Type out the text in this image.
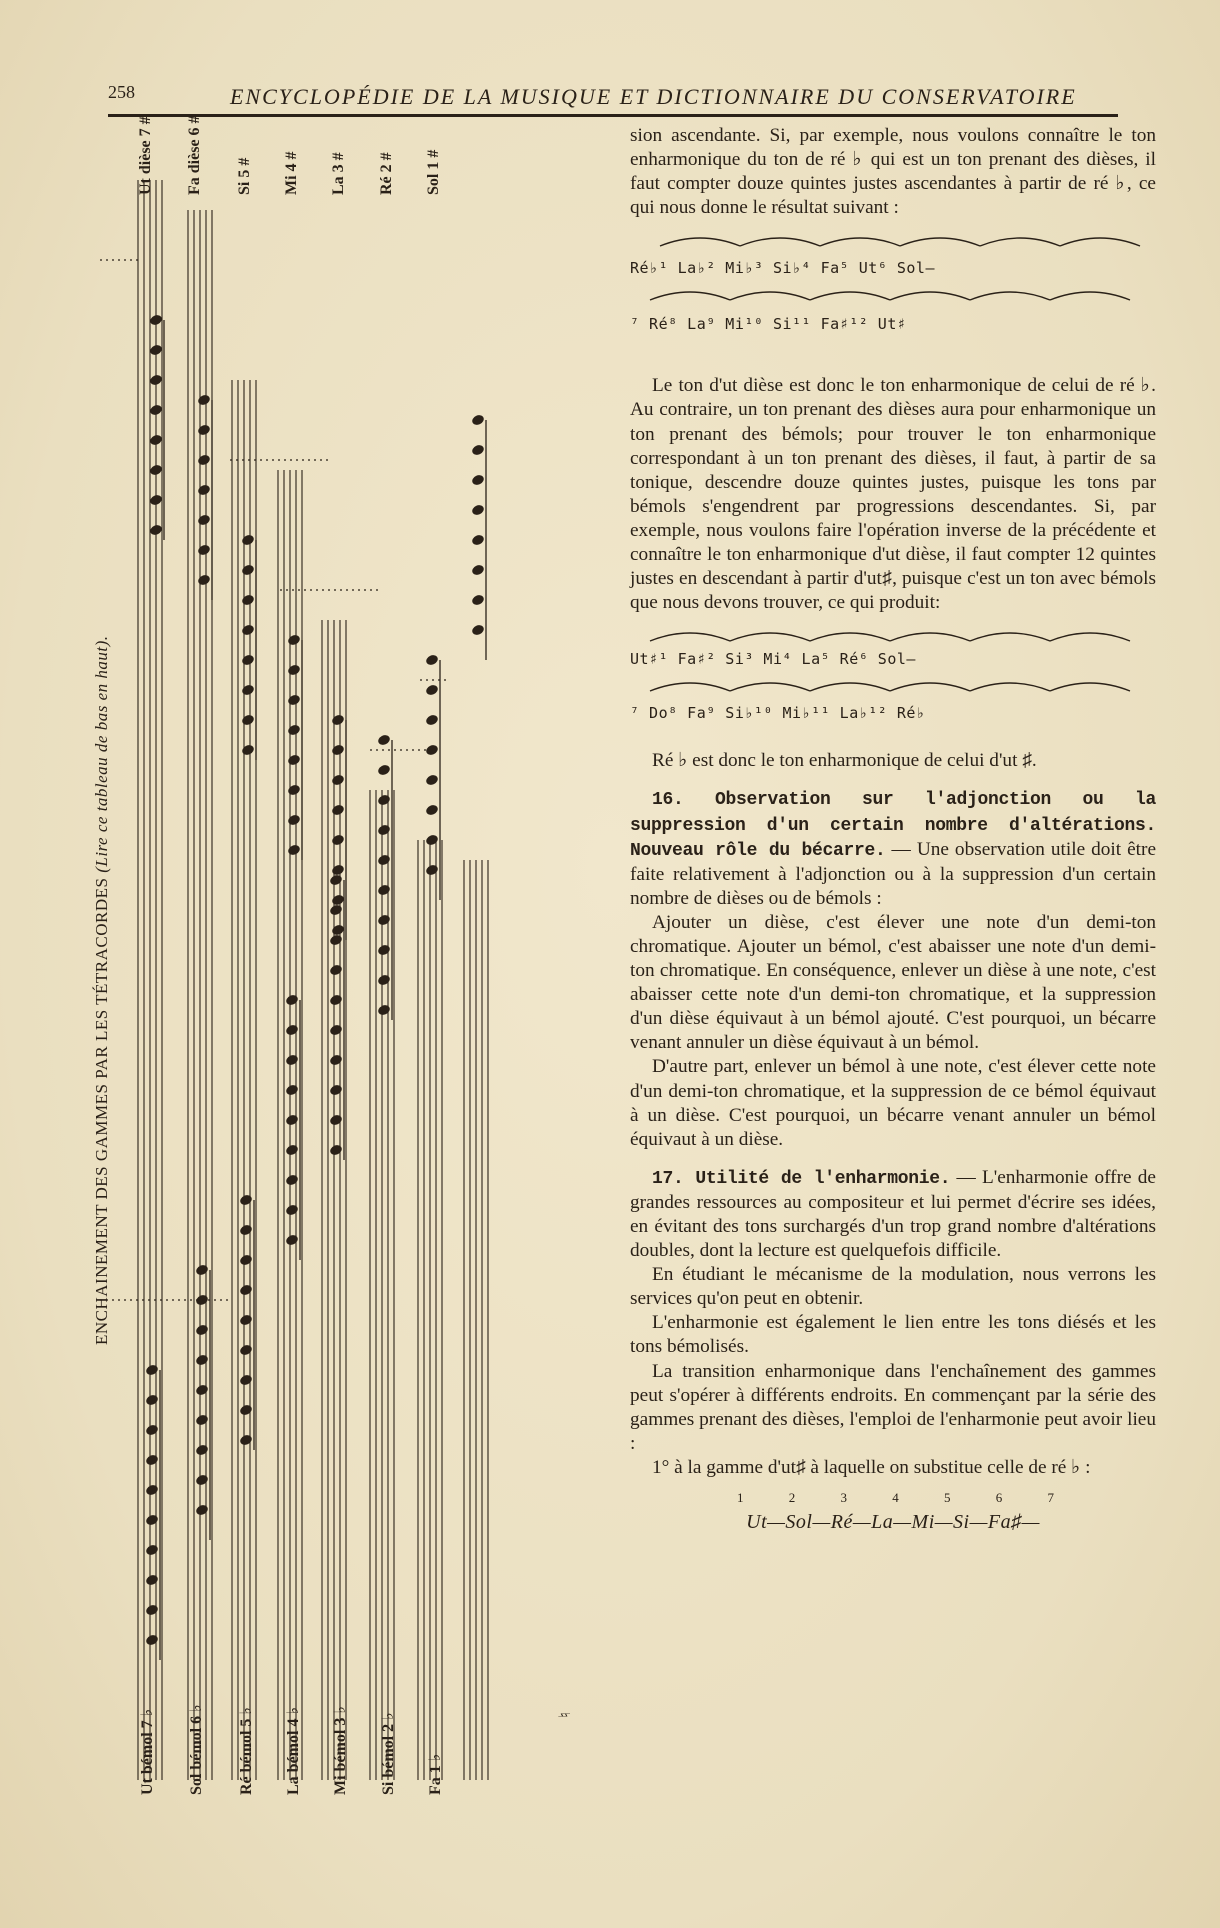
258	ENCYCLOPÉDIE DE LA MUSIQUE ET DICTIONNAIRE DU CONSERVATOIRE
ENCHAINEMENT DES GAMMES PAR LES TÉTRACORDES (Lire ce tableau de bas en haut).

sion ascendante. Si, par exemple, nous voulons connaître le ton enharmonique du ton de ré ♭ qui est un ton prenant des dièses, il faut compter douze quintes justes ascendantes à partir de ré ♭, ce qui nous donne le résultat suivant :

Ré♭¹ La♭² Mi♭³ Si♭⁴ Fa⁵ Ut⁶ Sol—
⁷ Ré⁸ La⁹ Mi¹⁰ Si¹¹ Fa♯¹² Ut♯

Le ton d'ut dièse est donc le ton enharmonique de celui de ré ♭. Au contraire, un ton prenant des dièses aura pour enharmonique un ton prenant des bémols; pour trouver le ton enharmonique correspondant à un ton prenant des dièses, il faut, à partir de sa tonique, descendre douze quintes justes, puisque les tons par bémols s'engendrent par progressions descendantes. Si, par exemple, nous voulons faire l'opération inverse de la précédente et connaître le ton enharmonique d'ut dièse, il faut compter 12 quintes justes en descendant à partir d'ut♯, puisque c'est un ton avec bémols que nous devons trouver, ce qui produit:

Ut♯¹ Fa♯² Si³ Mi⁴ La⁵ Ré⁶ Sol—
⁷ Do⁸ Fa⁹ Si♭¹⁰ Mi♭¹¹ La♭¹² Ré♭

Ré ♭ est donc le ton enharmonique de celui d'ut ♯.

16. Observation sur l'adjonction ou la suppression d'un certain nombre d'altérations. Nouveau rôle du bécarre. — Une observation utile doit être faite relativement à l'adjonction ou à la suppression d'un certain nombre de dièses ou de bémols :

Ajouter un dièse, c'est élever une note d'un demi-ton chromatique. Ajouter un bémol, c'est abaisser une note d'un demi-ton chromatique. En conséquence, enlever un dièse à une note, c'est abaisser cette note d'un demi-ton chromatique, et la suppression d'un dièse équivaut à un bémol ajouté. C'est pourquoi, un bécarre venant annuler un dièse équivaut à un bémol.

D'autre part, enlever un bémol à une note, c'est élever cette note d'un demi-ton chromatique, et la suppression de ce bémol équivaut à un dièse. C'est pourquoi, un bécarre venant annuler un bémol équivaut à un dièse.

17. Utilité de l'enharmonie. — L'enharmonie offre de grandes ressources au compositeur et lui permet d'écrire ses idées, en évitant des tons surchargés d'un trop grand nombre d'altérations doubles, dont la lecture est quelquefois difficile.

En étudiant le mécanisme de la modulation, nous verrons les services qu'on peut en obtenir.

L'enharmonie est également le lien entre les tons diésés et les tons bémolisés.

La transition enharmonique dans l'enchaînement des gammes peut s'opérer à différents endroits. En commençant par la série des gammes prenant des dièses, l'emploi de l'enharmonie peut avoir lieu :

1° à la gamme d'ut♯ à laquelle on substitue celle de ré ♭ :

1 2 3 4 5 6 7
Ut—Sol—Ré—La—Mi—Si—Fa♯—
Ut dièse 7 # Fa dièse 6 # Si 5 # Mi 4 # La 3 # Ré 2 # Sol 1 #
Ut bémol 7 ♭ Sol bémol 6 ♭ Ré bémol 5 ♭ La bémol 4 ♭ Mi bémol 3 ♭ Si bémol 2 ♭ Fa 1 ♭
♮
